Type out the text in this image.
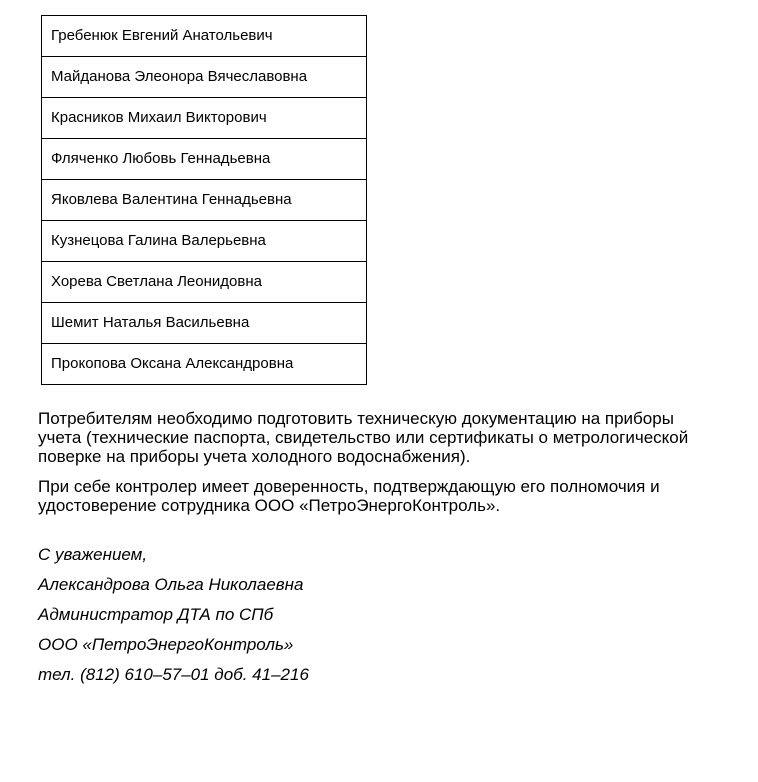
Гребенюк Евгений Анатольевич
Майданова Элеонора Вячеславовна
Красников Михаил Викторович
Фляченко Любовь Геннадьевна
Яковлева Валентина Геннадьевна
Кузнецова Галина Валерьевна
Хорева Светлана Леонидовна
Шемит Наталья Васильевна
Прокопова Оксана Александровна
Потребителям необходимо подготовить техническую документацию на приборы
учета (технические паспорта, свидетельство или сертификаты о метрологической
поверке на приборы учета холодного водоснабжения).
При себе контролер имеет доверенность, подтверждающую его полномочия и
удостоверение сотрудника ООО «ПетроЭнергоКонтроль».
С уважением,
Александрова Ольга Николаевна
Администратор ДТА по СПб
ООО «ПетроЭнергоКонтроль»
тел. (812) 610–57–01 доб. 41–216
